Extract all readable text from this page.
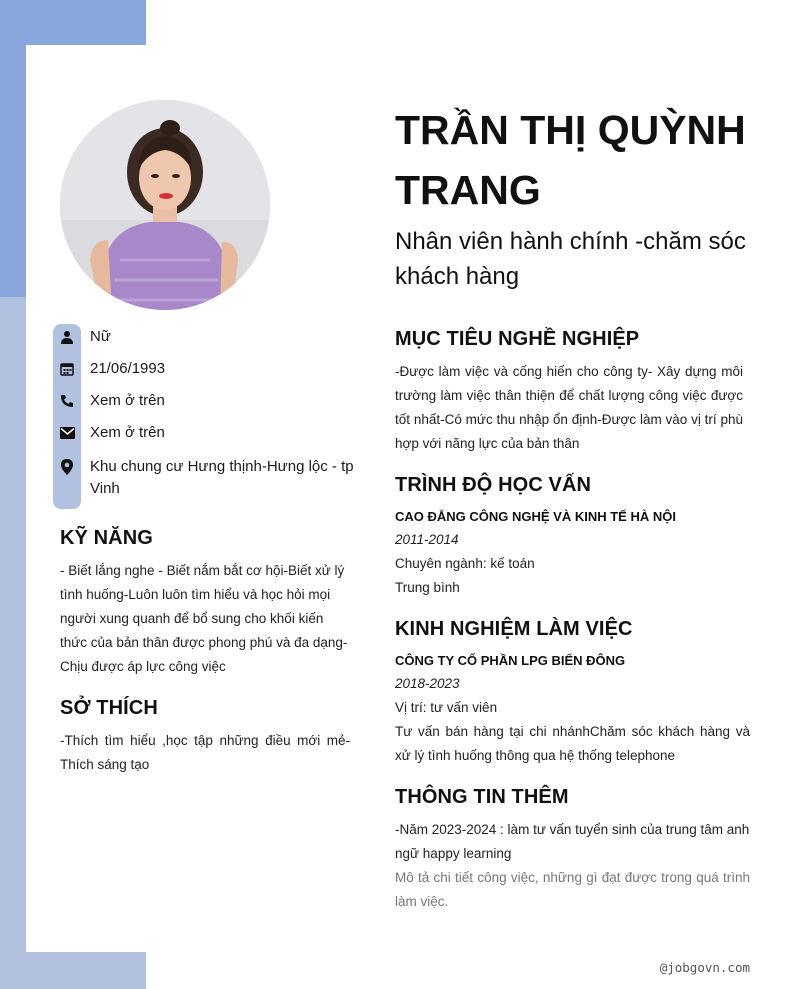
Nữ
21/06/1993
Xem ở trên
Xem ở trên
Khu chung cư Hưng thịnh-Hưng lộc - tp Vinh
KỸ NĂNG

- Biết lắng nghe - Biết nắm bắt cơ hội-Biết xử lý tình huống-Luôn luôn tìm hiểu và học hỏi mọi người xung quanh để bổ sung cho khối kiến thức của bản thân được phong phú và đa dạng-Chịu được áp lực công việc

SỞ THÍCH

-Thích tìm hiểu ,học tập những điều mới mẻ-Thích sáng tạo

TRẦN THỊ QUỲNH TRANG
Nhân viên hành chính -chăm sóc khách hàng
MỤC TIÊU NGHỀ NGHIỆP

-Được làm việc và cống hiến cho công ty- Xây dựng môi trường làm việc thân thiện để chất lượng công việc được tốt nhất-Có mức thu nhập ổn định-Được làm vào vị trí phù hợp với năng lực của bản thân

TRÌNH ĐỘ HỌC VẤN

CAO ĐẲNG CÔNG NGHỆ VÀ KINH TẾ HÀ NỘI

2011-2014

Chuyên ngành: kế toán

Trung bình

KINH NGHIỆM LÀM VIỆC

CÔNG TY CỔ PHẦN LPG BIỂN ĐÔNG

2018-2023

Vị trí: tư vấn viên

Tư vấn bán hàng tại chi nhánhChăm sóc khách hàng và xử lý tình huống thông qua hệ thống telephone

THÔNG TIN THÊM

-Năm 2023-2024 : làm tư vấn tuyển sinh của trung tâm anh ngữ happy learning

Mô tả chi tiết công việc, những gì đạt được trong quá trình làm việc.

@jobgovn.com
